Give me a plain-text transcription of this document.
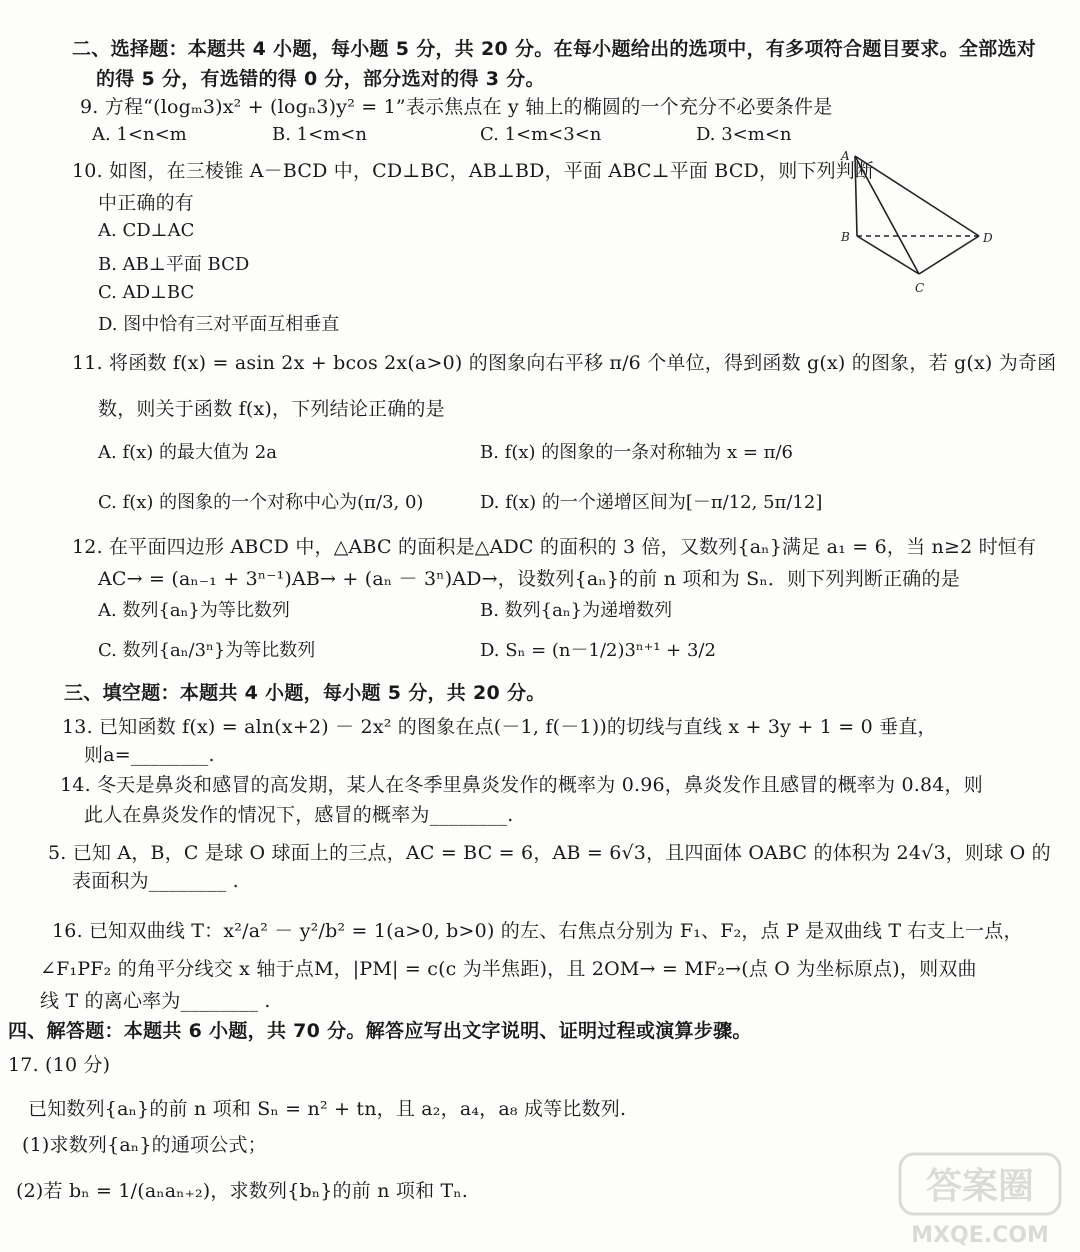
二、选择题：本题共 4 小题，每小题 5 分，共 20 分。在每小题给出的选项中，有多项符合题目要求。全部选对
的得 5 分，有选错的得 0 分，部分选对的得 3 分。
9. 方程“(logₘ3)x² + (logₙ3)y² = 1”表示焦点在 y 轴上的椭圆的一个充分不必要条件是
A. 1<n<m	B. 1<m<n	C. 1<m<3<n	D. 3<m<n
10. 如图，在三棱锥 A－BCD 中，CD⊥BC，AB⊥BD，平面 ABC⊥平面 BCD，则下列判断
中正确的有
A. CD⊥AC
B. AB⊥平面 BCD
C. AD⊥BC
D. 图中恰有三对平面互相垂直
A
B
C
D
11. 将函数 f(x) = asin 2x + bcos 2x(a>0) 的图象向右平移 π/6 个单位，得到函数 g(x) 的图象，若 g(x) 为奇函
数，则关于函数 f(x)，下列结论正确的是
A. f(x) 的最大值为 2a	B. f(x) 的图象的一条对称轴为 x = π/6
C. f(x) 的图象的一个对称中心为(π/3, 0)	D. f(x) 的一个递增区间为[－π/12, 5π/12]
12. 在平面四边形 ABCD 中，△ABC 的面积是△ADC 的面积的 3 倍，又数列{aₙ}满足 a₁ = 6，当 n≥2 时恒有
AC→ = (aₙ₋₁ + 3ⁿ⁻¹)AB→ + (aₙ － 3ⁿ)AD→，设数列{aₙ}的前 n 项和为 Sₙ．则下列判断正确的是
A. 数列{aₙ}为等比数列	B. 数列{aₙ}为递增数列
C. 数列{aₙ/3ⁿ}为等比数列	D. Sₙ = (n－1/2)3ⁿ⁺¹ + 3/2
三、填空题：本题共 4 小题，每小题 5 分，共 20 分。
13. 已知函数 f(x) = aln(x+2) － 2x² 的图象在点(－1, f(－1))的切线与直线 x + 3y + 1 = 0 垂直，
则a=________.
14. 冬天是鼻炎和感冒的高发期，某人在冬季里鼻炎发作的概率为 0.96，鼻炎发作且感冒的概率为 0.84，则
此人在鼻炎发作的情况下，感冒的概率为________.
5. 已知 A，B，C 是球 O 球面上的三点，AC = BC = 6，AB = 6√3，且四面体 OABC 的体积为 24√3，则球 O 的
表面积为________ .
16. 已知双曲线 T：x²/a² － y²/b² = 1(a>0, b>0) 的左、右焦点分别为 F₁、F₂，点 P 是双曲线 T 右支上一点，
∠F₁PF₂ 的角平分线交 x 轴于点M，|PM| = c(c 为半焦距)，且 2OM→ = MF₂→(点 O 为坐标原点)，则双曲
线 T 的离心率为________ .
四、解答题：本题共 6 小题，共 70 分。解答应写出文字说明、证明过程或演算步骤。
17. (10 分)
已知数列{aₙ}的前 n 项和 Sₙ = n² + tn，且 a₂，a₄，a₈ 成等比数列.
(1)求数列{aₙ}的通项公式；
(2)若 bₙ = 1/(aₙaₙ₊₂)，求数列{bₙ}的前 n 项和 Tₙ.	答案圈
MXQE.COM
